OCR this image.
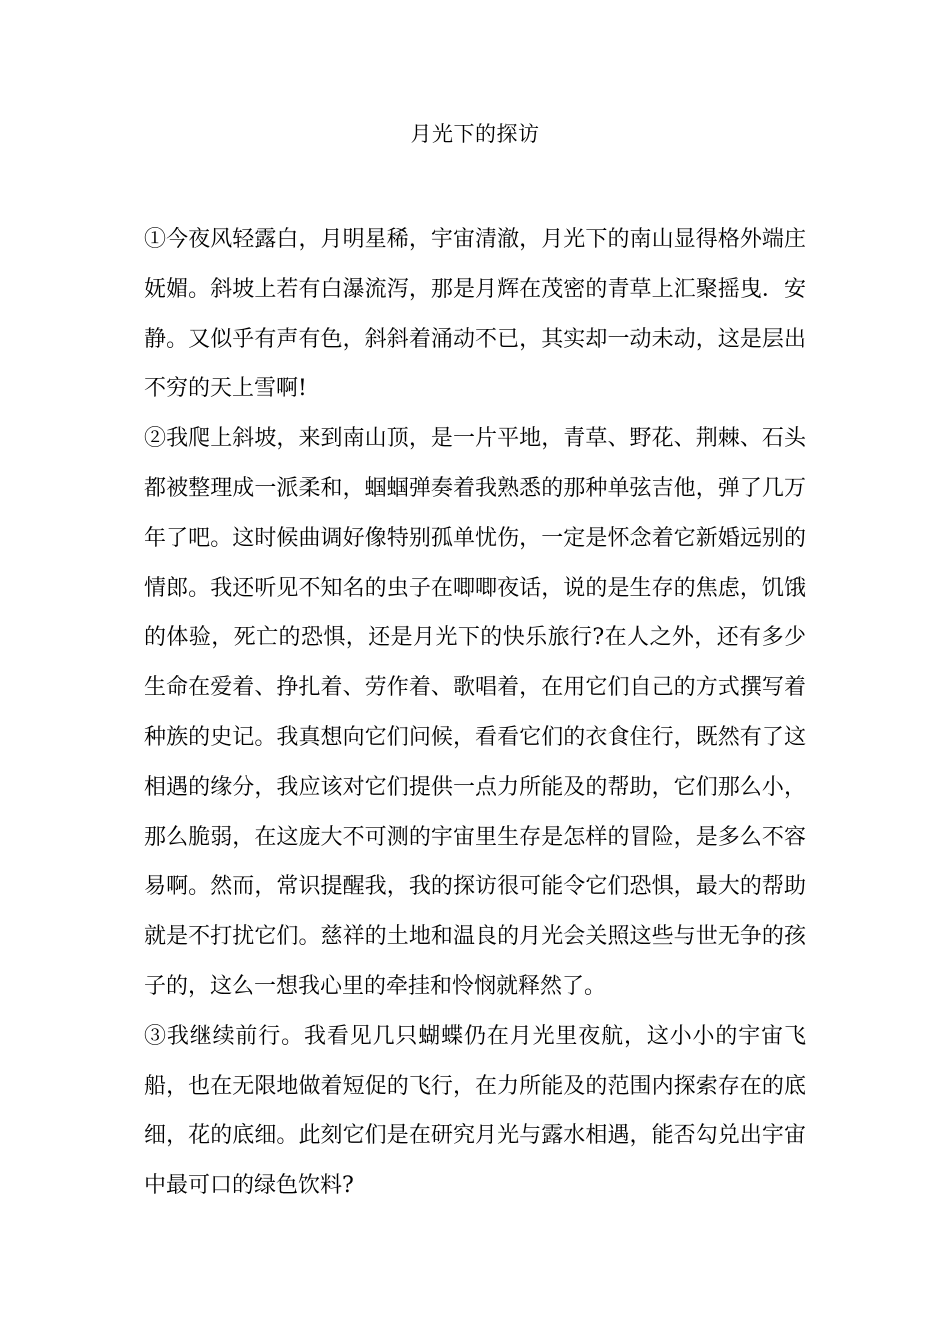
月光下的探访

①今夜风轻露白，月明星稀，宇宙清澈，月光下的南山显得格外端庄妩媚。斜坡上若有白瀑流泻，那是月辉在茂密的青草上汇聚摇曳．安静。又似乎有声有色，斜斜着涌动不已，其实却一动未动，这是层出不穷的天上雪啊!

②我爬上斜坡，来到南山顶，是一片平地，青草、野花、荆棘、石头都被整理成一派柔和，蝈蝈弹奏着我熟悉的那种单弦吉他，弹了几万年了吧。这时候曲调好像特别孤单忧伤，一定是怀念着它新婚远别的情郎。我还听见不知名的虫子在唧唧夜话，说的是生存的焦虑，饥饿的体验，死亡的恐惧，还是月光下的快乐旅行?在人之外，还有多少生命在爱着、挣扎着、劳作着、歌唱着，在用它们自己的方式撰写着种族的史记。我真想向它们问候，看看它们的衣食住行，既然有了这相遇的缘分，我应该对它们提供一点力所能及的帮助，它们那么小，那么脆弱，在这庞大不可测的宇宙里生存是怎样的冒险，是多么不容易啊。然而，常识提醒我，我的探访很可能令它们恐惧，最大的帮助就是不打扰它们。慈祥的土地和温良的月光会关照这些与世无争的孩子的，这么一想我心里的牵挂和怜悯就释然了。

③我继续前行。我看见几只蝴蝶仍在月光里夜航，这小小的宇宙飞船，也在无限地做着短促的飞行，在力所能及的范围内探索存在的底细，花的底细。此刻它们是在研究月光与露水相遇，能否勾兑出宇宙中最可口的绿色饮料?
